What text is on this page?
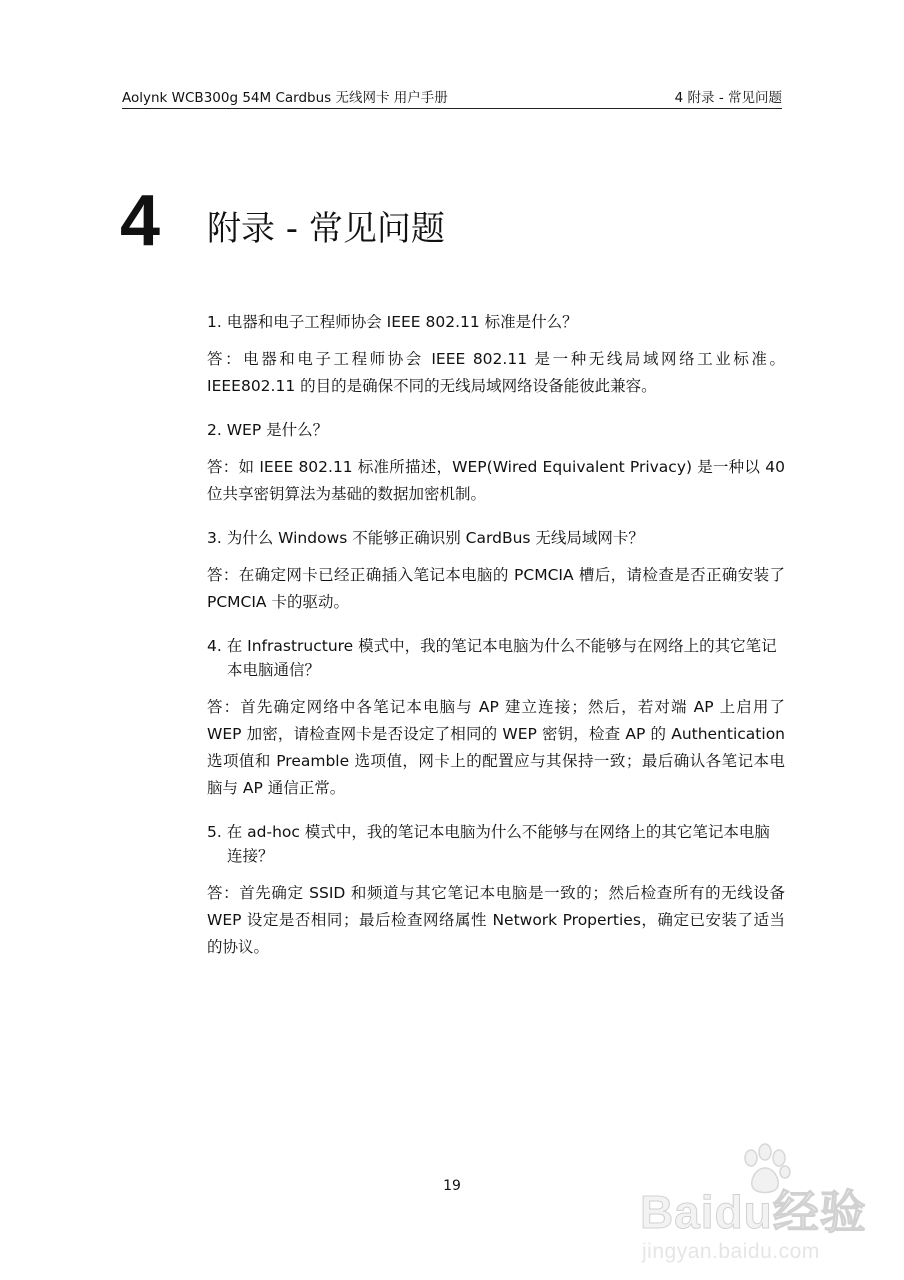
Aolynk WCB300g 54M Cardbus 无线网卡 用户手册	4 附录 - 常见问题
4 附录 - 常见问题

1. 电器和电子工程师协会 IEEE 802.11 标准是什么？

答：电器和电子工程师协会 IEEE 802.11 是一种无线局域网络工业标准。IEEE802.11 的目的是确保不同的无线局域网络设备能彼此兼容。

2. WEP 是什么？

答：如 IEEE 802.11 标准所描述，WEP(Wired Equivalent Privacy) 是一种以 40 位共享密钥算法为基础的数据加密机制。

3. 为什么 Windows 不能够正确识别 CardBus 无线局域网卡？

答：在确定网卡已经正确插入笔记本电脑的 PCMCIA 槽后，请检查是否正确安装了 PCMCIA 卡的驱动。

4. 在 Infrastructure 模式中，我的笔记本电脑为什么不能够与在网络上的其它笔记本电脑通信？

答：首先确定网络中各笔记本电脑与 AP 建立连接；然后，若对端 AP 上启用了 WEP 加密，请检查网卡是否设定了相同的 WEP 密钥，检查 AP 的 Authentication 选项值和 Preamble 选项值，网卡上的配置应与其保持一致；最后确认各笔记本电脑与 AP 通信正常。

5. 在 ad-hoc 模式中，我的笔记本电脑为什么不能够与在网络上的其它笔记本电脑连接？

答：首先确定 SSID 和频道与其它笔记本电脑是一致的；然后检查所有的无线设备 WEP 设定是否相同；最后检查网络属性 Network Properties，确定已安装了适当的协议。

19	Baidu经验
jingyan.baidu.com
